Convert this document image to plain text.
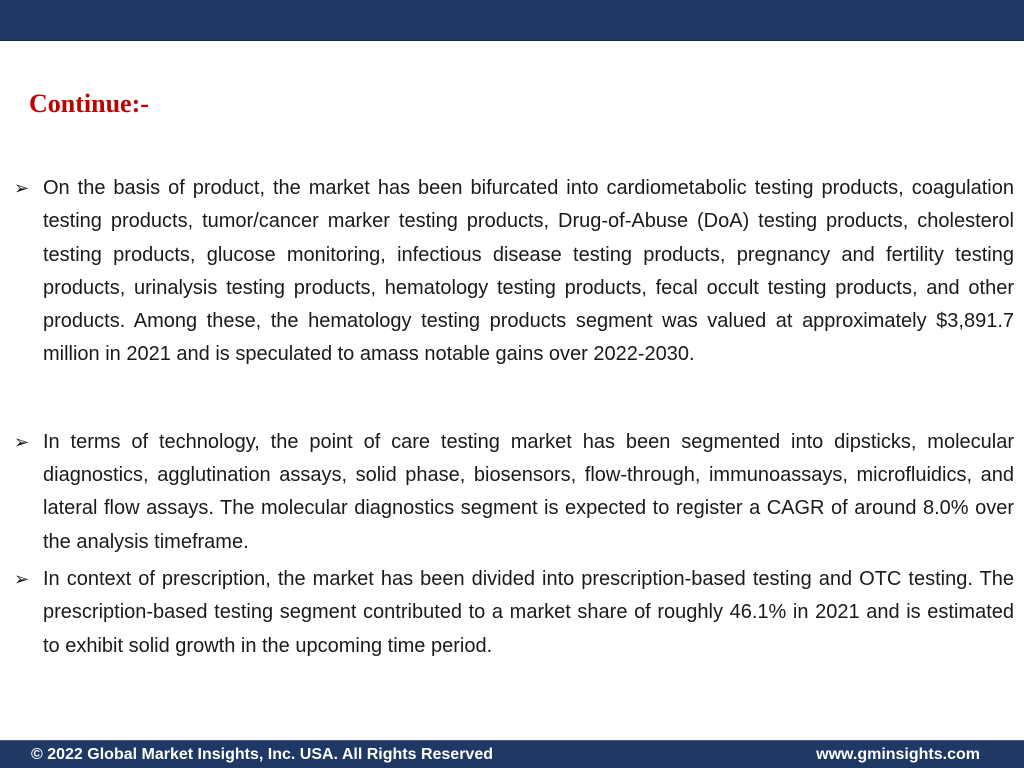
Continue:-
➢ On the basis of product, the market has been bifurcated into cardiometabolic testing products, coagulation testing products, tumor/cancer marker testing products, Drug-of-Abuse (DoA) testing products, cholesterol testing products, glucose monitoring, infectious disease testing products, pregnancy and fertility testing products, urinalysis testing products, hematology testing products, fecal occult testing products, and other products. Among these, the hematology testing products segment was valued at approximately $3,891.7 million in 2021 and is speculated to amass notable gains over 2022-2030.
➢ In terms of technology, the point of care testing market has been segmented into dipsticks, molecular diagnostics, agglutination assays, solid phase, biosensors, flow-through, immunoassays, microfluidics, and lateral flow assays. The molecular diagnostics segment is expected to register a CAGR of around 8.0% over the analysis timeframe.
➢ In context of prescription, the market has been divided into prescription-based testing and OTC testing. The prescription-based testing segment contributed to a market share of roughly 46.1% in 2021 and is estimated to exhibit solid growth in the upcoming time period.
© 2022 Global Market Insights, Inc. USA. All Rights Reserved	www.gminsights.com
